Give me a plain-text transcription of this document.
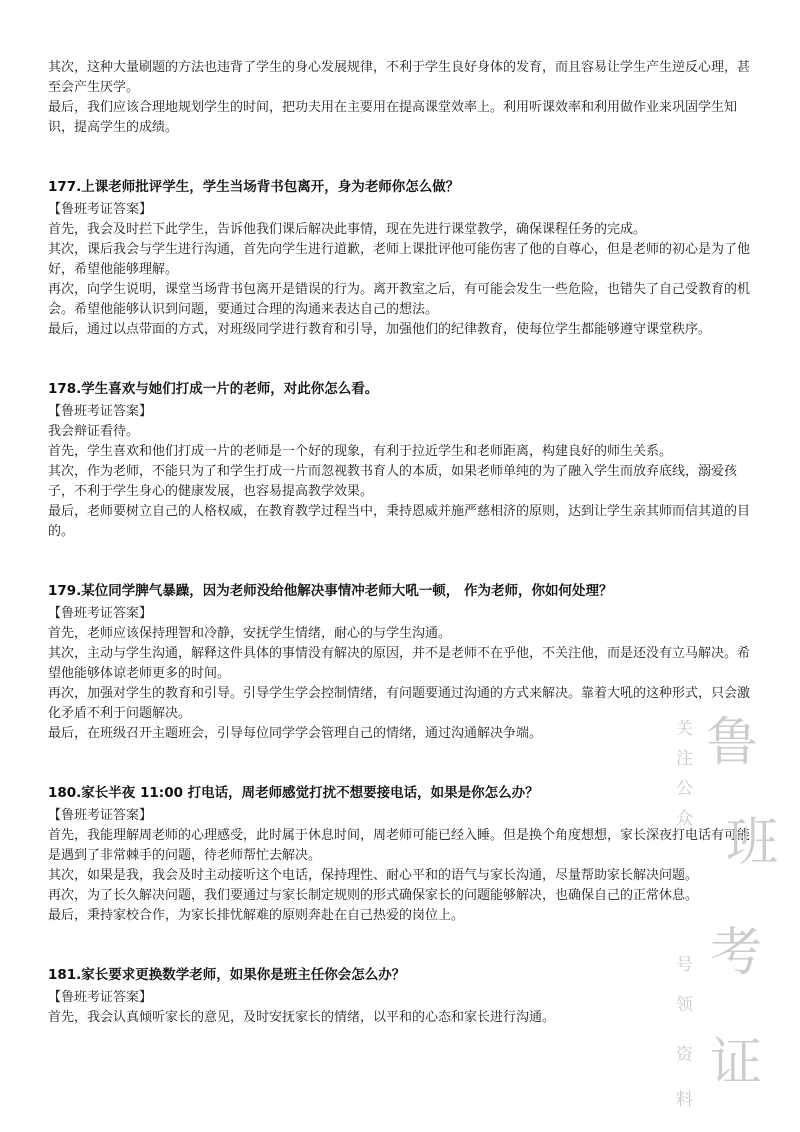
其次，这种大量刷题的方法也违背了学生的身心发展规律，不利于学生良好身体的发育，而且容易让学生产生逆反心理，甚至会产生厌学。

最后，我们应该合理地规划学生的时间，把功夫用在主要用在提高课堂效率上。利用听课效率和利用做作业来巩固学生知识，提高学生的成绩。

177.上课老师批评学生，学生当场背书包离开，身为老师你怎么做？

【鲁班考证答案】

首先，我会及时拦下此学生，告诉他我们课后解决此事情，现在先进行课堂教学，确保课程任务的完成。

其次，课后我会与学生进行沟通，首先向学生进行道歉，老师上课批评他可能伤害了他的自尊心，但是老师的初心是为了他好，希望他能够理解。

再次，向学生说明，课堂当场背书包离开是错误的行为。离开教室之后，有可能会发生一些危险，也错失了自己受教育的机会。希望他能够认识到问题，要通过合理的沟通来表达自己的想法。

最后，通过以点带面的方式，对班级同学进行教育和引导，加强他们的纪律教育，使每位学生都能够遵守课堂秩序。

178.学生喜欢与她们打成一片的老师，对此你怎么看。

【鲁班考证答案】

我会辩证看待。

首先，学生喜欢和他们打成一片的老师是一个好的现象，有利于拉近学生和老师距离，构建良好的师生关系。

其次，作为老师，不能只为了和学生打成一片而忽视教书育人的本质，如果老师单纯的为了融入学生而放弃底线，溺爱孩子，不利于学生身心的健康发展，也容易提高教学效果。

最后，老师要树立自己的人格权威，在教育教学过程当中，秉持恩威并施严慈相济的原则，达到让学生亲其师而信其道的目的。

179.某位同学脾气暴躁，因为老师没给他解决事情冲老师大吼一顿， 作为老师，你如何处理？

【鲁班考证答案】

首先，老师应该保持理智和冷静，安抚学生情绪，耐心的与学生沟通。

其次，主动与学生沟通，解释这件具体的事情没有解决的原因，并不是老师不在乎他，不关注他，而是还没有立马解决。希望他能够体谅老师更多的时间。

再次，加强对学生的教育和引导。引导学生学会控制情绪，有问题要通过沟通的方式来解决。靠着大吼的这种形式，只会激化矛盾不利于问题解决。

最后，在班级召开主题班会，引导每位同学学会管理自己的情绪，通过沟通解决争端。

180.家长半夜 11:00 打电话，周老师感觉打扰不想要接电话，如果是你怎么办？

【鲁班考证答案】

首先，我能理解周老师的心理感受，此时属于休息时间，周老师可能已经入睡。但是换个角度想想，家长深夜打电话有可能是遇到了非常棘手的问题，待老师帮忙去解决。

其次，如果是我，我会及时主动接听这个电话，保持理性、耐心平和的语气与家长沟通，尽量帮助家长解决问题。

再次，为了长久解决问题，我们要通过与家长制定规则的形式确保家长的问题能够解决，也确保自己的正常休息。

最后，秉持家校合作，为家长排忧解难的原则奔赴在自己热爱的岗位上。

181.家长要求更换数学老师，如果你是班主任你会怎么办？

【鲁班考证答案】

首先，我会认真倾听家长的意见，及时安抚家长的情绪，以平和的心态和家长进行沟通。

鲁
班
考
证
关
注
公
众
号
领
资
料
